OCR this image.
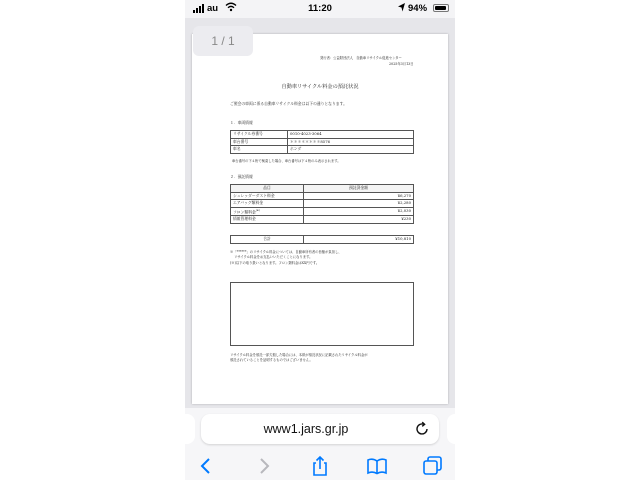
au	11:20	94%
発行者：公益財団法人　自動車リサイクル促進センター
2025年3月13日
自動車リサイクル料金の預託状況
ご照会の車両に係る自動車リサイクル料金は以下の通りとなります。
１．車両情報
リサイクル券番号	0010-4023-3064
車台番号	＊＊＊＊＊＊＊＊8576
車名	ホンダ
車台番号の下４桁で検索した場合、車台番号は下４桁のみ表示されます。
２．預託情報
品目	預託済金額
シュレッダーダスト料金	¥6,270
エアバッグ類料金	¥2,280
フロン類料金(※)	¥2,030
情報管理料金	¥230
合計	¥10,810
※「******」のリサイクル料金については、自動車所有者の皆様が負担し、
リサイクル料金をお支払いいただくことになります。
(※)以下の取り扱いとなります。フロン類料金はXX円です。
リサイクル料金を預託一部欠損した場合には、本紙が預託状況に記載されたリサイクル料金が
預託されていることを証明するものではございません。
1 / 1
www1.jars.gr.jp
